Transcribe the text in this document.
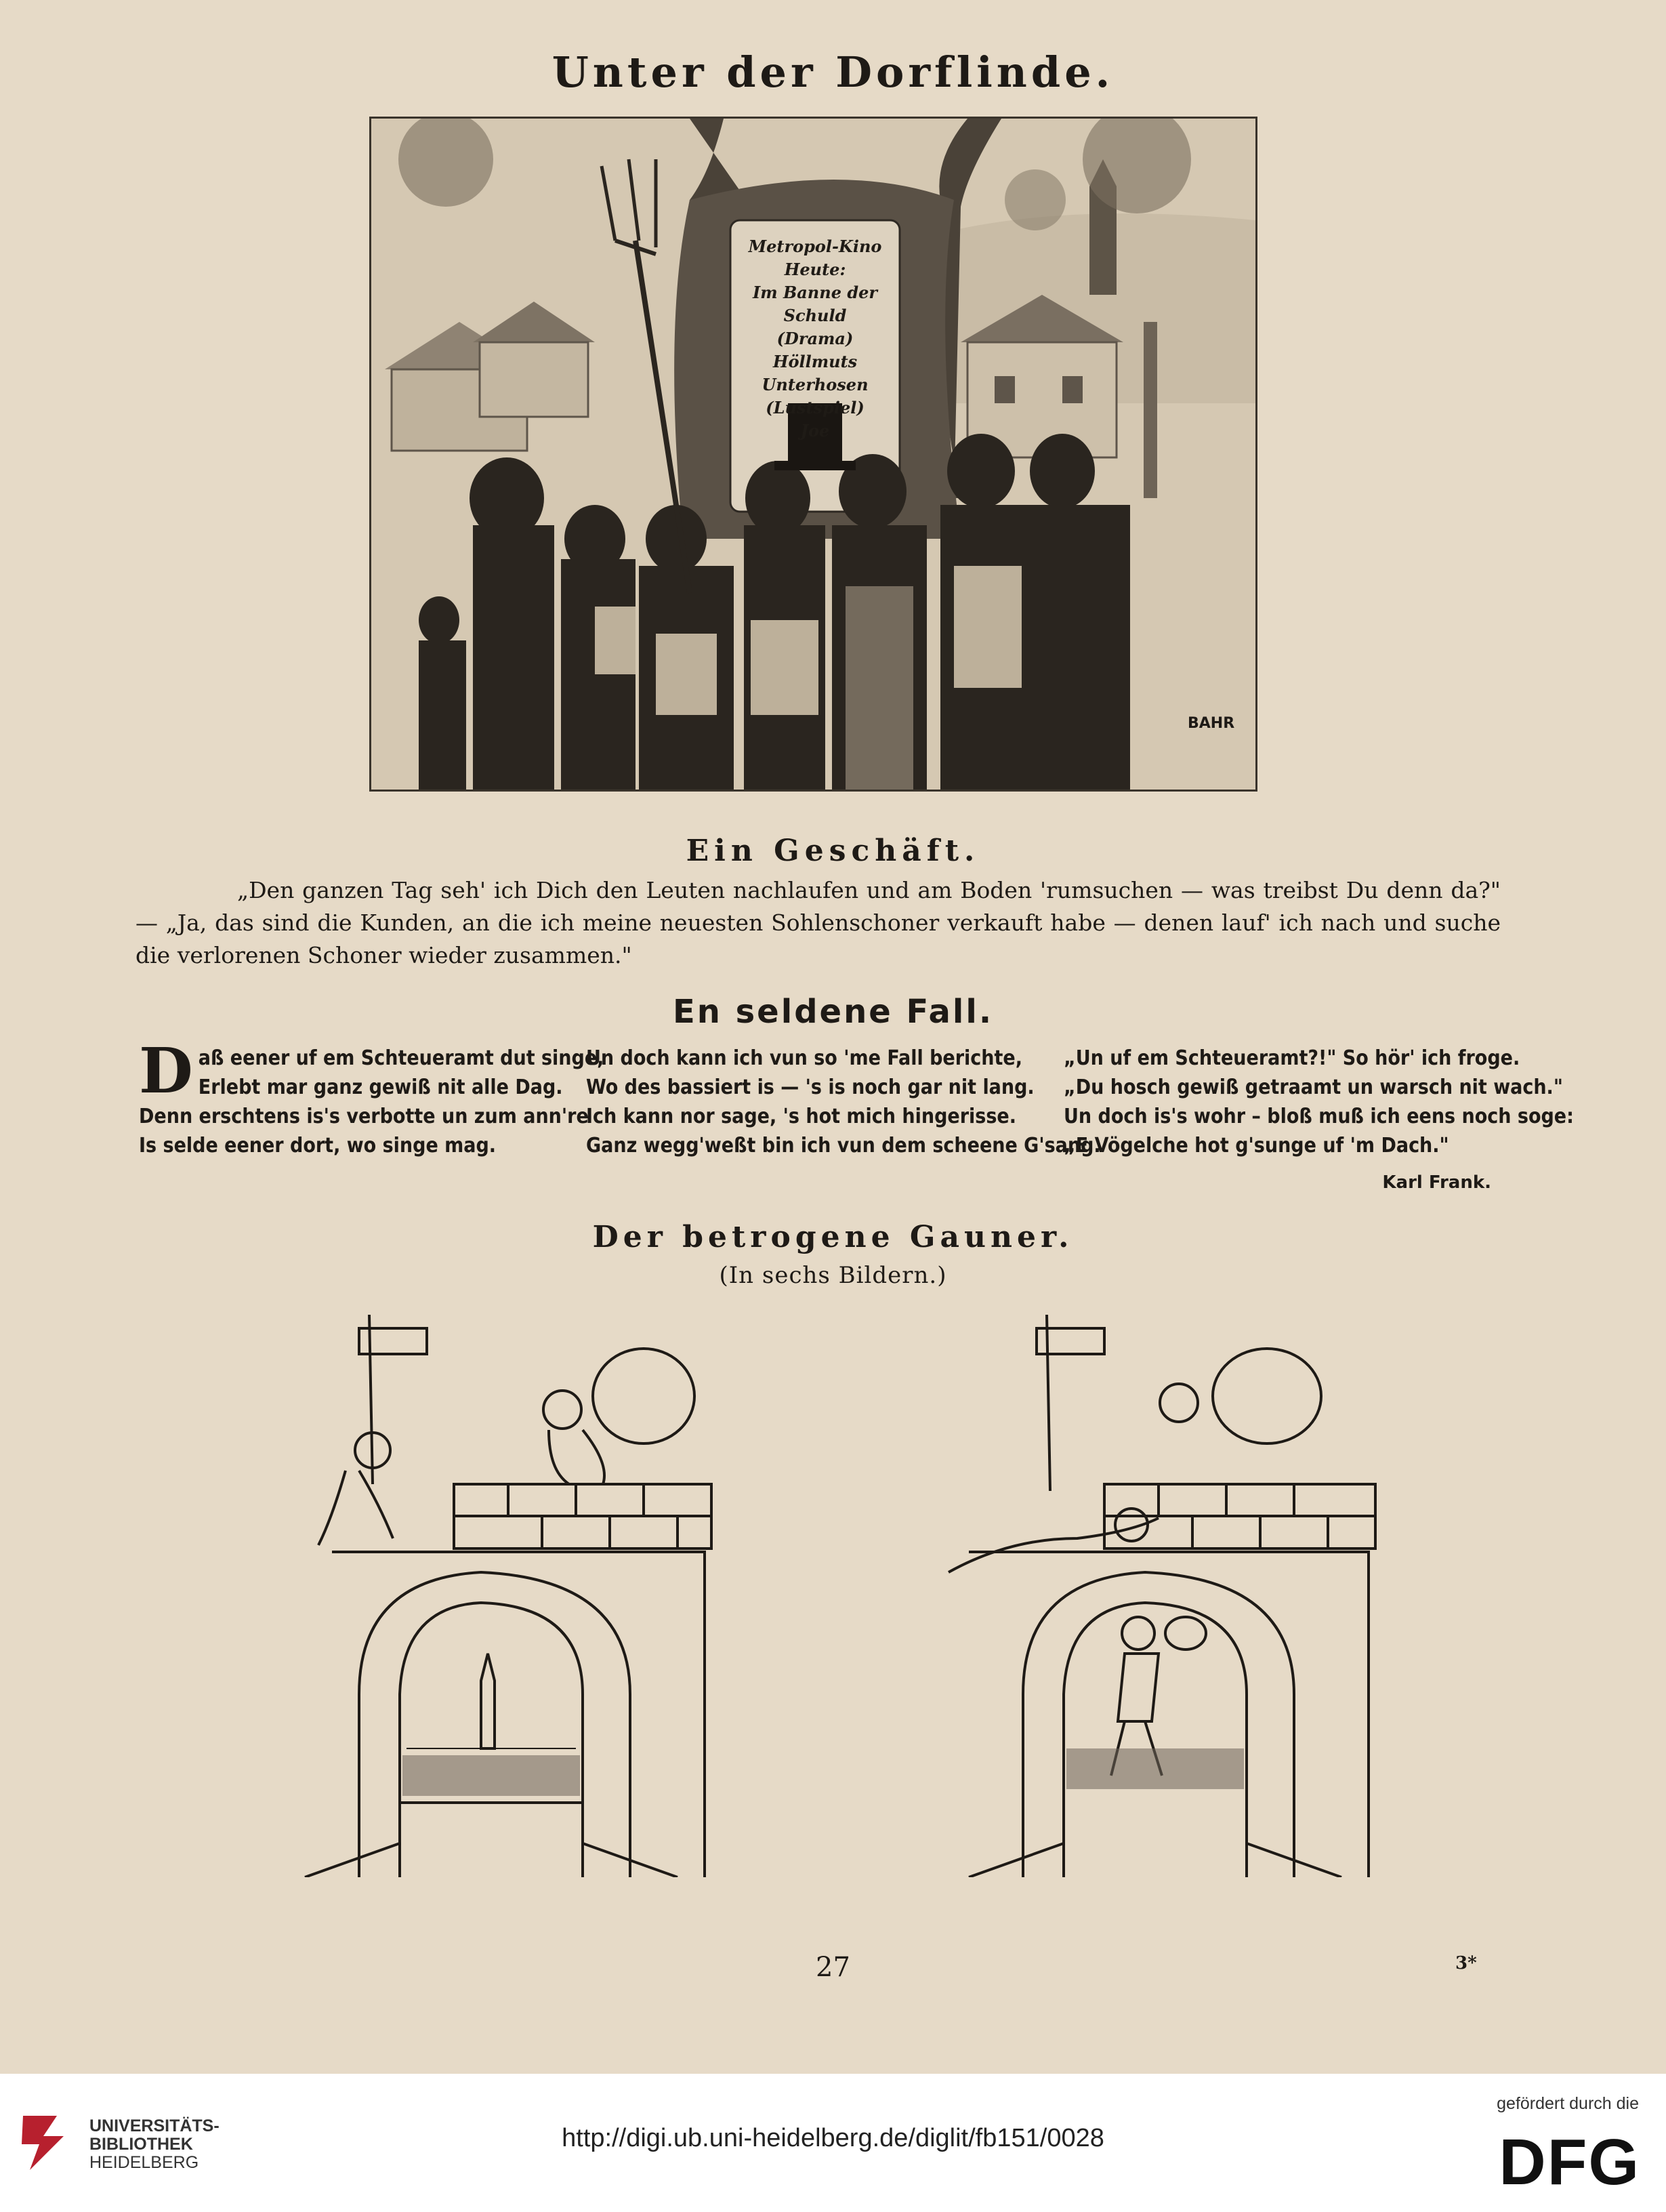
Unter der Dorflinde.
Metropol-Kino
Heute:
Im Banne der
Schuld
(Drama)
Höllmuts
Unterhosen
(Lustspiel)
Joe
BAHR
Ein Geschäft.
„Den ganzen Tag seh' ich Dich den Leuten nachlaufen und am Boden 'rumsuchen — was treibst Du denn da?" — „Ja, das sind die Kunden, an die ich meine neuesten Sohlenschoner verkauft habe — denen lauf' ich nach und suche die verlorenen Schoner wieder zusammen."
En seldene Fall.
Daß eener uf em Schteueramt dut singe,
Erlebt mar ganz gewiß nit alle Dag.
Denn erschtens is's verbotte un zum ann're
Is selde eener dort, wo singe mag.
Un doch kann ich vun so 'me Fall berichte,
Wo des bassiert is — 's is noch gar nit lang.
Ich kann nor sage, 's hot mich hingerisse.
Ganz wegg'weßt bin ich vun dem scheene G'sang.
„Un uf em Schteueramt?!" So hör' ich froge.
„Du hosch gewiß getraamt un warsch nit wach."
Un doch is's wohr – bloß muß ich eens noch soge:
„E Vögelche hot g'sunge uf 'm Dach."
Karl Frank.
Der betrogene Gauner.
(In sechs Bildern.)
27	3*
UNIVERSITÄTS-
BIBLIOTHEK
HEIDELBERG
http://digi.ub.uni-heidelberg.de/diglit/fb151/0028
gefördert durch die
DFG
